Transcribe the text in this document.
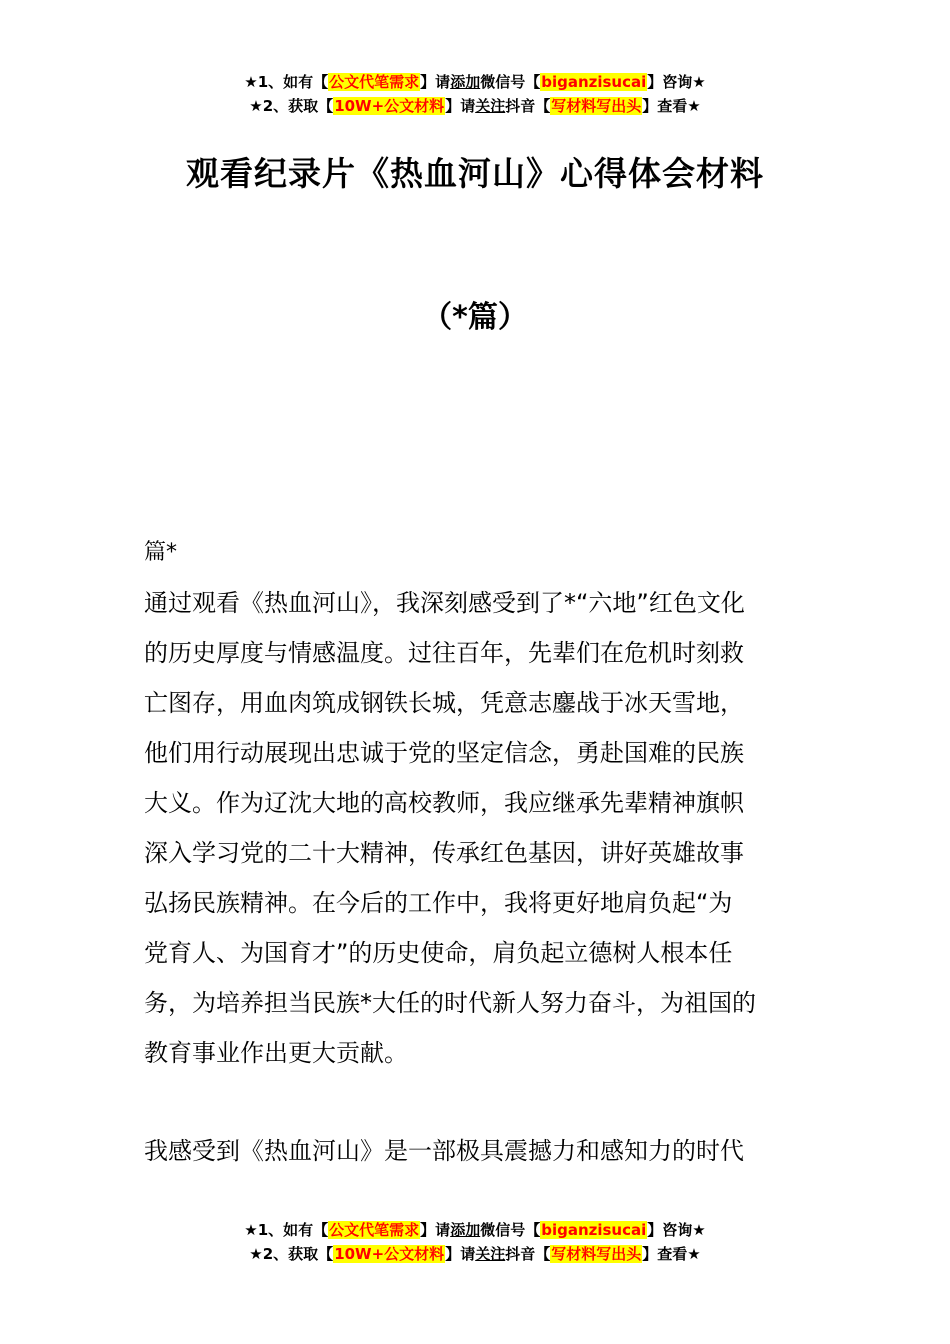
★1、如有【公文代笔需求】请添加微信号【biganzisucai】咨询★
★2、获取【10W+公文材料】请关注抖音【写材料写出头】查看★
观看纪录片《热血河山》心得体会材料
（*篇）
篇*
通过观看《热血河山》，我深刻感受到了*“六地”红色文化
的历史厚度与情感温度。过往百年，先辈们在危机时刻救
亡图存，用血肉筑成钢铁长城，凭意志鏖战于冰天雪地，
他们用行动展现出忠诚于党的坚定信念，勇赴国难的民族
大义。作为辽沈大地的高校教师，我应继承先辈精神旗帜
深入学习党的二十大精神，传承红色基因，讲好英雄故事
弘扬民族精神。在今后的工作中，我将更好地肩负起“为
党育人、为国育才”的历史使命，肩负起立德树人根本任
务，为培养担当民族*大任的时代新人努力奋斗，为祖国的
教育事业作出更大贡献。
我感受到《热血河山》是一部极具震撼力和感知力的时代
★1、如有【公文代笔需求】请添加微信号【biganzisucai】咨询★
★2、获取【10W+公文材料】请关注抖音【写材料写出头】查看★
